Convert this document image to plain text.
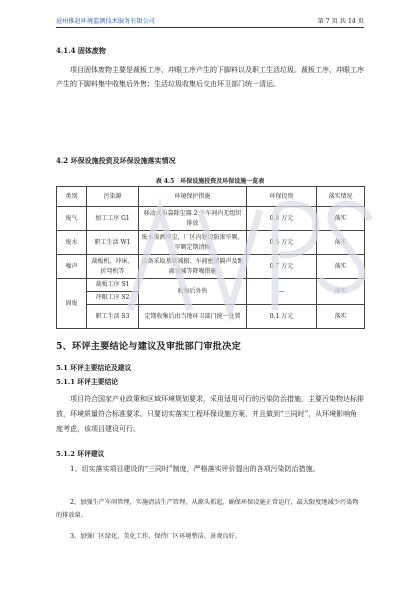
沧州推赵环境监测技术服务有限公司	第 7 页 共 14 页
4.1.4 固体废物

项目固体废物主要是裁板工序、冲眼工序产生的下脚料以及职工生活垃圾。裁板工序、冲眼工序产生的下脚料集中收集后外售；生活垃圾收集后交由环卫部门统一清运。

4.2 环保设施投资及环保设施落实情况
表 4.5　环保设施投资及环保设施一览表
类别	污染源	环境保护措施	环保投资	落实情况
废气	加工工序 G1	移动式布袋除尘器 2 个车间内无组织排放	0.8 万元	落实
废水	职工生活 W1	废水泼洒抑尘，厂区内建设防渗旱厕，旱厕定期清掏	0.5 万元	落实
噪声	裁板机、冲床、折弯机等	设备采取基础减振、车间密闭隔声及距离衰减等降噪措施	0.7 万元	落实
固废	裁板工序 S1	收集后外售	—	落实
	冲眼工序 S2			
	职工生活 S3	定期收集后由当地环卫部门统一处置	0.1 万元	落实
5、环评主要结论与建议及审批部门审批决定
5.1 环评主要结论及建议
5.1.1 环评主要结论

项目符合国家产业政策和区域环境规划要求，采用适用可行的污染防治措施，主要污染物达标排放，环境质量符合标准要求。只要切实落实工程环保设施方案，并且做到“三同时”，从环境影响角度考虑，该项目建设可行。

5.1.2 环评建议

1、切实落实项目建设的“三同时”制度，严格落实评价提出的各项污染防治措施。

2、加强生产车间管理，实施清洁生产管理，从源头抓起，确保环保设施正常运行，最大限度地减少污染物的排放量。

3、加强厂区绿化、美化工作，保持厂区环境整洁、景观良好。
